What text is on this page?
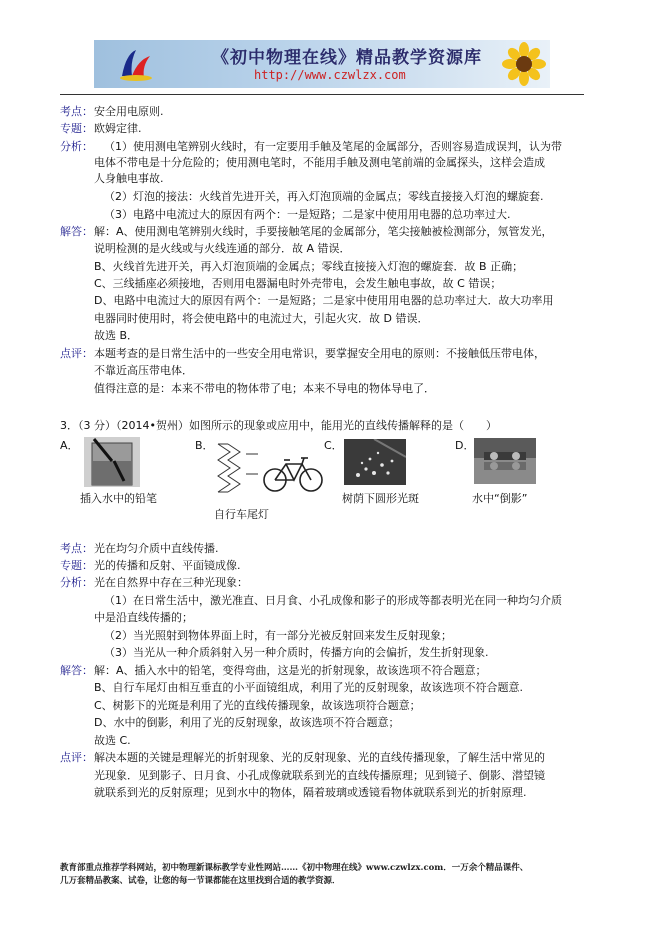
《初中物理在线》精品教学资源库
http://www.czwlzx.com
考点： 安全用电原则.
专题： 欧姆定律.
分析： （1）使用测电笔辨别火线时，有一定要用手触及笔尾的金属部分，否则容易造成误判，认为带
电体不带电是十分危险的；使用测电笔时，不能用手触及测电笔前端的金属探头，这样会造成
人身触电事故.
（2）灯泡的接法：火线首先进开关，再入灯泡顶端的金属点；零线直接接入灯泡的螺旋套.
（3）电路中电流过大的原因有两个：一是短路；二是家中使用用电器的总功率过大.
解答： 解：A、使用测电笔辨别火线时，手要接触笔尾的金属部分，笔尖接触被检测部分，氖管发光，
说明检测的是火线或与火线连通的部分．故 A 错误．
B、火线首先进开关，再入灯泡顶端的金属点；零线直接接入灯泡的螺旋套．故 B 正确；
C、三线插座必须接地，否则用电器漏电时外壳带电，会发生触电事故，故 C 错误；
D、电路中电流过大的原因有两个：一是短路；二是家中使用用电器的总功率过大．故大功率用
电器同时使用时，将会使电路中的电流过大，引起火灾．故 D 错误．
故选 B．
点评： 本题考查的是日常生活中的一些安全用电常识，要掌握安全用电的原则：不接触低压带电体，
不靠近高压带电体．
值得注意的是：本来不带电的物体带了电；本来不导电的物体导电了．
3．（3 分）（2014•贺州）如图所示的现象或应用中，能用光的直线传播解释的是（　　）
A．
插入水中的铅笔
B．
自行车尾灯
C．
树荫下圆形光斑
D．
水中“倒影”
考点： 光在均匀介质中直线传播.
专题： 光的传播和反射、平面镜成像.
分析： 光在自然界中存在三种光现象：
（1）在日常生活中，激光准直、日月食、小孔成像和影子的形成等都表明光在同一种均匀介质
中是沿直线传播的；
（2）当光照射到物体界面上时，有一部分光被反射回来发生反射现象；
（3）当光从一种介质斜射入另一种介质时，传播方向的会偏折，发生折射现象.
解答： 解：A、插入水中的铅笔，变得弯曲，这是光的折射现象，故该选项不符合题意；
B、自行车尾灯由相互垂直的小平面镜组成，利用了光的反射现象，故该选项不符合题意.
C、树影下的光斑是利用了光的直线传播现象，故该选项符合题意；
D、水中的倒影，利用了光的反射现象，故该选项不符合题意；
故选 C.
点评： 解决本题的关键是理解光的折射现象、光的反射现象、光的直线传播现象，了解生活中常见的
光现象．见到影子、日月食、小孔成像就联系到光的直线传播原理；见到镜子、倒影、潜望镜
就联系到光的反射原理；见到水中的物体，隔着玻璃或透镜看物体就联系到光的折射原理.
教育部重点推荐学科网站，初中物理新课标教学专业性网站……《初中物理在线》www.czwlzx.com．一万余个精品课件、
几万套精品教案、试卷，让您的每一节课都能在这里找到合适的教学资源．
